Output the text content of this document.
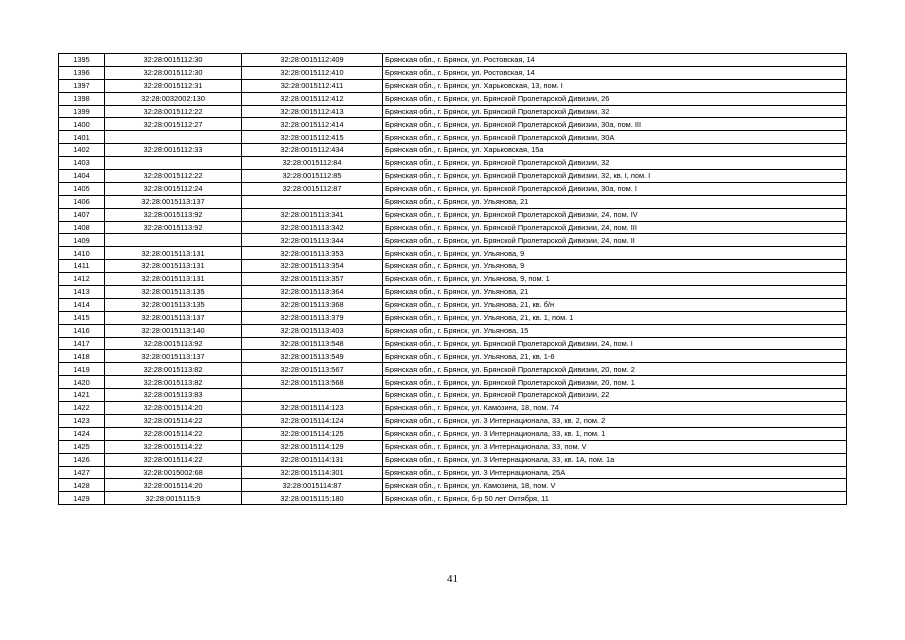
1395	32:28:0015112:30	32:28:0015112:409	Брянская обл., г. Брянск, ул. Ростовская, 14
1396	32:28:0015112:30	32:28:0015112:410	Брянская обл., г. Брянск, ул. Ростовская, 14
1397	32:28:0015112:31	32:28:0015112:411	Брянская обл., г. Брянск, ул. Харьковская, 13, пом. I
1398	32:28:0032002:130	32:28:0015112:412	Брянская обл., г. Брянск, ул. Брянской Пролетарской Дивизии, 26
1399	32:28:0015112:22	32:28:0015112:413	Брянская обл., г. Брянск, ул. Брянской Пролетарской Дивизии, 32
1400	32:28:0015112:27	32:28:0015112:414	Брянская обл., г. Брянск, ул. Брянской Пролетарской Дивизии, 30а, пом. III
1401		32:28:0015112:415	Брянская обл., г. Брянск, ул. Брянской Пролетарской Дивизии, 30А
1402	32:28:0015112:33	32:28:0015112:434	Брянская обл., г. Брянск, ул. Харьковская, 15а
1403		32:28:0015112:84	Брянская обл., г. Брянск, ул. Брянской Пролетарской Дивизии, 32
1404	32:28:0015112:22	32:28:0015112:85	Брянская обл., г. Брянск, ул. Брянской Пролетарской Дивизии, 32, кв. I, пом. I
1405	32:28:0015112:24	32:28:0015112:87	Брянская обл., г. Брянск, ул. Брянской Пролетарской Дивизии, 30а, пом. I
1406	32:28:0015113:137		Брянская обл., г. Брянск, ул. Ульянова, 21
1407	32:28:0015113:92	32:28:0015113:341	Брянская обл., г. Брянск, ул. Брянской Пролетарской Дивизии, 24, пом. IV
1408	32:28:0015113:92	32:28:0015113:342	Брянская обл., г. Брянск, ул. Брянской Пролетарской Дивизии, 24, пом. III
1409		32:28:0015113:344	Брянская обл., г. Брянск, ул. Брянской Пролетарской Дивизии, 24, пом. II
1410	32:28:0015113:131	32:28:0015113:353	Брянская обл., г. Брянск, ул. Ульянова, 9
1411	32:28:0015113:131	32:28:0015113:354	Брянская обл., г. Брянск, ул. Ульянова, 9
1412	32:28:0015113:131	32:28:0015113:357	Брянская обл., г. Брянск, ул. Ульянова, 9, пом. 1
1413	32:28:0015113:135	32:28:0015113:364	Брянская обл., г. Брянск, ул. Ульянова, 21
1414	32:28:0015113:135	32:28:0015113:368	Брянская обл., г. Брянск, ул. Ульянова, 21, кв. б/н
1415	32:28:0015113:137	32:28:0015113:379	Брянская обл., г. Брянск, ул. Ульянова, 21, кв. 1, пом. 1
1416	32:28:0015113:140	32:28:0015113:403	Брянская обл., г. Брянск, ул. Ульянова, 15
1417	32:28:0015113:92	32:28:0015113:548	Брянская обл., г. Брянск, ул. Брянской Пролетарской Дивизии, 24, пом. I
1418	32:28:0015113:137	32:28:0015113:549	Брянская обл., г. Брянск, ул. Ульянова, 21, кв. 1-6
1419	32:28:0015113:82	32:28:0015113:567	Брянская обл., г. Брянск, ул. Брянской Пролетарской Дивизии, 20, пом. 2
1420	32:28:0015113:82	32:28:0015113:568	Брянская обл., г. Брянск, ул. Брянской Пролетарской Дивизии, 20, пом. 1
1421	32:28:0015113:83		Брянская обл., г. Брянск, ул. Брянской Пролетарской Дивизии, 22
1422	32:28:0015114:20	32:28:0015114:123	Брянская обл., г. Брянск, ул. Камозина, 18, пом. 74
1423	32:28:0015114:22	32:28:0015114:124	Брянская обл., г. Брянск, ул. 3 Интернационала, 33, кв. 2, пом. 2
1424	32:28:0015114:22	32:28:0015114:125	Брянская обл., г. Брянск, ул. 3 Интернационала, 33, кв. 1, пом. 1
1425	32:28:0015114:22	32:28:0015114:129	Брянская обл., г. Брянск, ул. 3 Интернационала, 33, пом. V
1426	32:28:0015114:22	32:28:0015114:131	Брянская обл., г. Брянск, ул. 3 Интернационала, 33, кв. 1А, пом. 1а
1427	32:28:0015002:68	32:28:0015114:301	Брянская обл., г. Брянск, ул. 3 Интернационала, 25А
1428	32:28:0015114:20	32:28:0015114:87	Брянская обл., г. Брянск, ул. Камозина, 18, пом. V
1429	32:28:0015115:9	32:28:0015115:180	Брянская обл., г. Брянск, б-р 50 лет Октября, 11
41
